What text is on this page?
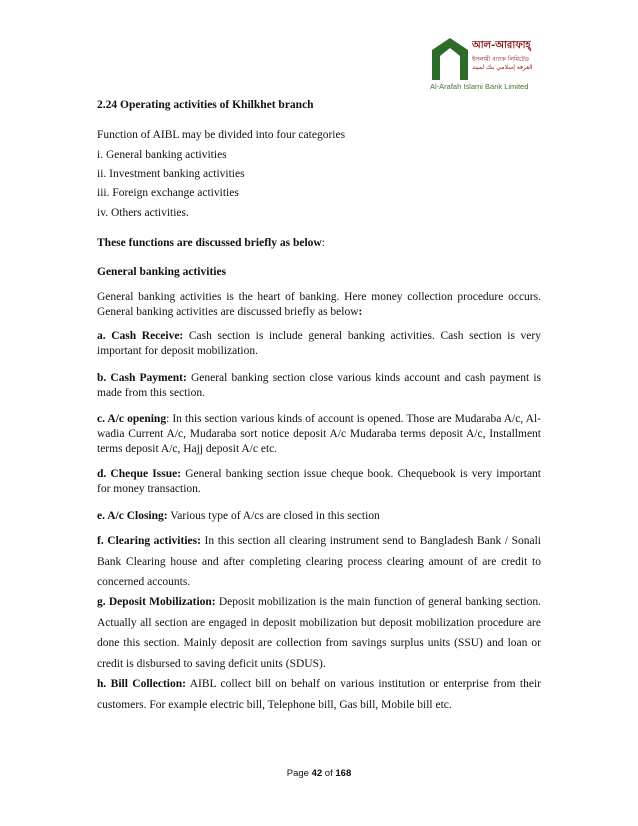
আল-আরাফাহ্
ইসলামী ব্যাংক লিমিটেড
العرفة إسلامي بنك لميتد
Al-Arafah Islami Bank Limited

2.24 Operating activities of Khilkhet branch

Function of AIBL may be divided into four categories

i. General banking activities

ii. Investment banking activities

iii. Foreign exchange activities

iv. Others activities.

These functions are discussed briefly as below:

General banking activities

General banking activities is the heart of banking. Here money collection procedure occurs. General banking activities are discussed briefly as below:

a. Cash Receive: Cash section is include general banking activities. Cash section is very important for deposit mobilization.

b. Cash Payment: General banking section close various kinds account and cash payment is made from this section.

c. A/c opening: In this section various kinds of account is opened. Those are Mudaraba A/c, Al-wadia Current A/c, Mudaraba sort notice deposit A/c Mudaraba terms deposit A/c, Installment terms deposit A/c, Hajj deposit A/c etc.

d. Cheque Issue: General banking section issue cheque book. Chequebook is very important for money transaction.

e. A/c Closing: Various type of A/cs are closed in this section

f. Clearing activities: In this section all clearing instrument send to Bangladesh Bank / Sonali Bank Clearing house and after completing clearing process clearing amount of are credit to concerned accounts.

g. Deposit Mobilization: Deposit mobilization is the main function of general banking section. Actually all section are engaged in deposit mobilization but deposit mobilization procedure are done this section. Mainly deposit are collection from savings surplus units (SSU) and loan or credit is disbursed to saving deficit units (SDUS).

h. Bill Collection: AIBL collect bill on behalf on various institution or enterprise from their customers. For example electric bill, Telephone bill, Gas bill, Mobile bill etc.

Page 42 of 168
